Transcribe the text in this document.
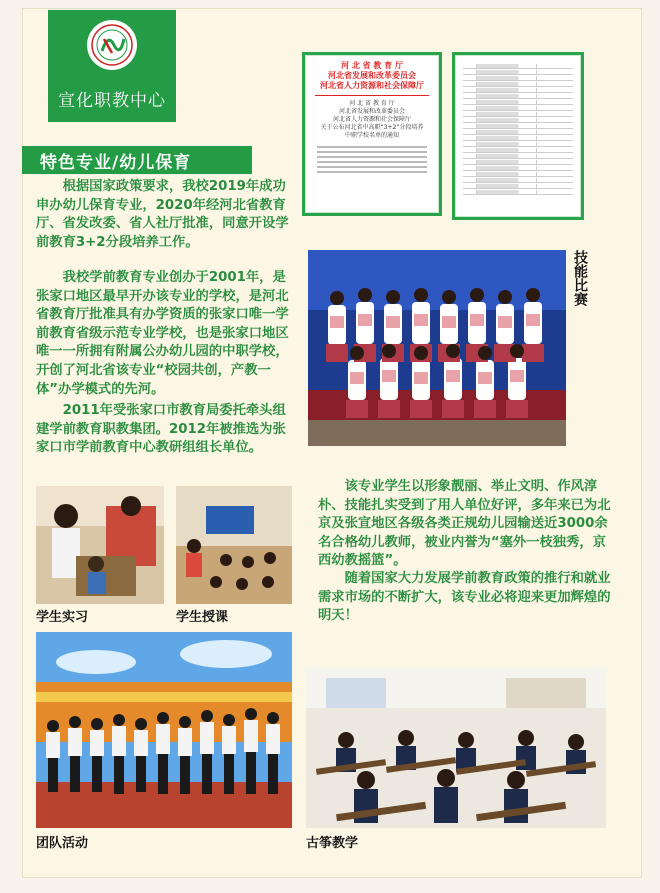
宣化职教中心
河 北 省 教 育 厅
河北省发展和改革委员会
河北省人力资源和社会保障厅
河 北 省 教 育 厅
河北省发展和改革委员会
河北省人力资源和社会保障厅
关于公布河北省中高职“3+2”分段培养
中职学校名单的通知
特色专业/幼儿保育
根据国家政策要求，我校2019年成功申办幼儿保育专业，2020年经河北省教育厅、省发改委、省人社厅批准，同意开设学前教育3+2分段培养工作。
我校学前教育专业创办于2001年，是张家口地区最早开办该专业的学校，是河北省教育厅批准具有办学资质的张家口唯一学前教育省级示范专业学校，也是张家口地区唯一一所拥有附属公办幼儿园的中职学校，开创了河北省该专业“校园共创，产教一体”办学模式的先河。
2011年受张家口市教育局委托牵头组建学前教育职教集团。2012年被推选为张家口市学前教育中心教研组组长单位。
该专业学生以形象靓丽、举止文明、作风淳朴、技能扎实受到了用人单位好评，多年来已为北京及张宣地区各级各类正规幼儿园输送近3000余名合格幼儿教师，被业内誉为“塞外一枝独秀，京西幼教摇篮”。
随着国家大力发展学前教育政策的推行和就业需求市场的不断扩大，该专业必将迎来更加辉煌的明天！
技能比赛
学生实习	学生授课
团队活动	古筝教学
